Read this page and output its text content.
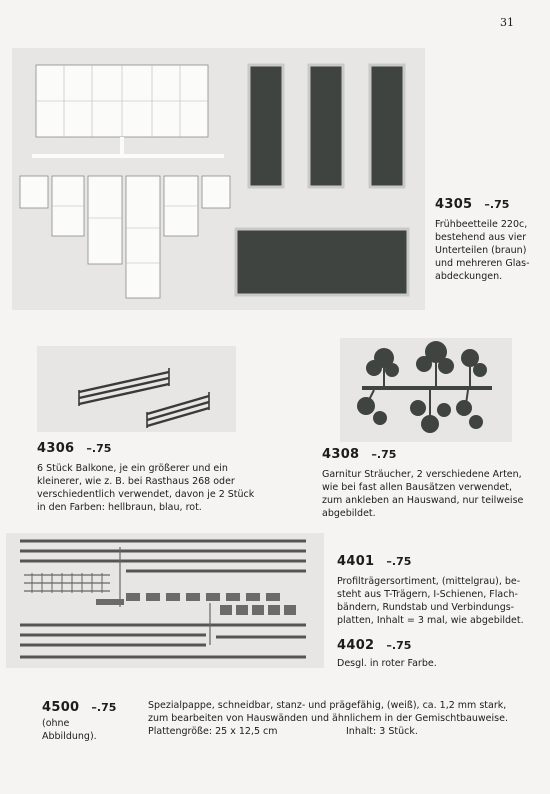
31
4305 –.75
Frühbeetteile 220c,
bestehend aus vier
Unterteilen (braun)
und mehreren Glas-
abdeckungen.
4306 –.75
6 Stück Balkone, je ein größerer und ein
kleinerer, wie z. B. bei Rasthaus 268 oder
verschiedentlich verwendet, davon je 2 Stück
in den Farben: hellbraun, blau, rot.
4308 –.75
Garnitur Sträucher, 2 verschiedene Arten,
wie bei fast allen Bausätzen verwendet,
zum ankleben an Hauswand, nur teilweise
abgebildet.
4401 –.75
Profilträgersortiment, (mittelgrau), be-
steht aus T-Trägern, I-Schienen, Flach-
bändern, Rundstab und Verbindungs-
platten, Inhalt = 3 mal, wie abgebildet.
4402 –.75
Desgl. in roter Farbe.
4500 –.75
(ohne
Abbildung).
Spezialpappe, schneidbar, stanz- und prägefähig, (weiß), ca. 1,2 mm stark,
zum bearbeiten von Hauswänden und ähnlichem in der Gemischtbauweise.
Plattengröße: 25 x 12,5 cm	Inhalt: 3 Stück.
